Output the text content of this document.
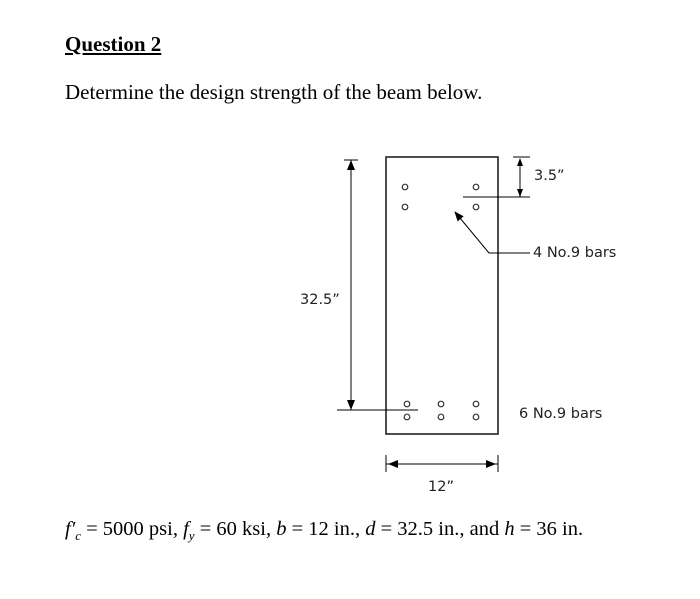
Question 2

Determine the design strength of the beam below.

32.5”
3.5”
4 No.9 bars
6 No.9 bars
12”

$f'_c = 5000$ psi, $f_y = 60$ ksi, b = 12 in., d = 32.5 in., and h = 36 in.
